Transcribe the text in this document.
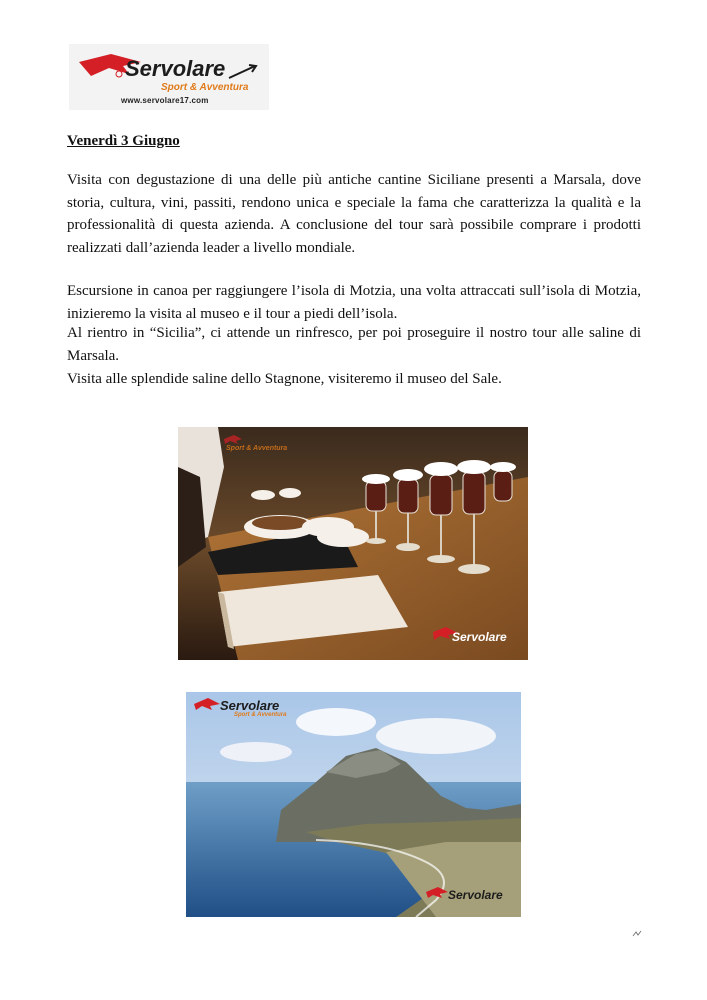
Servolare
Sport & Avventura
www.servolare17.com
Venerdì 3 Giugno

Visita con degustazione di una delle più antiche cantine Siciliane presenti a Marsala, dove storia, cultura, vini, passiti, rendono unica e speciale la fama che caratterizza la qualità e la professionalità di questa azienda. A conclusione del tour sarà possibile comprare i prodotti realizzati dall’azienda leader a livello mondiale.

Escursione in canoa per raggiungere l’isola di Motzia, una volta attraccati sull’isola di Motzia, inizieremo la visita al museo e il tour a piedi dell’isola.

Al rientro in “Sicilia”, ci attende un rinfresco, per poi proseguire il nostro tour alle saline di Marsala.

Visita alle splendide saline dello Stagnone, visiteremo il museo del Sale.

Servolare
Sport & Avventura
Servolare
Sport & Avventura
Servolare
